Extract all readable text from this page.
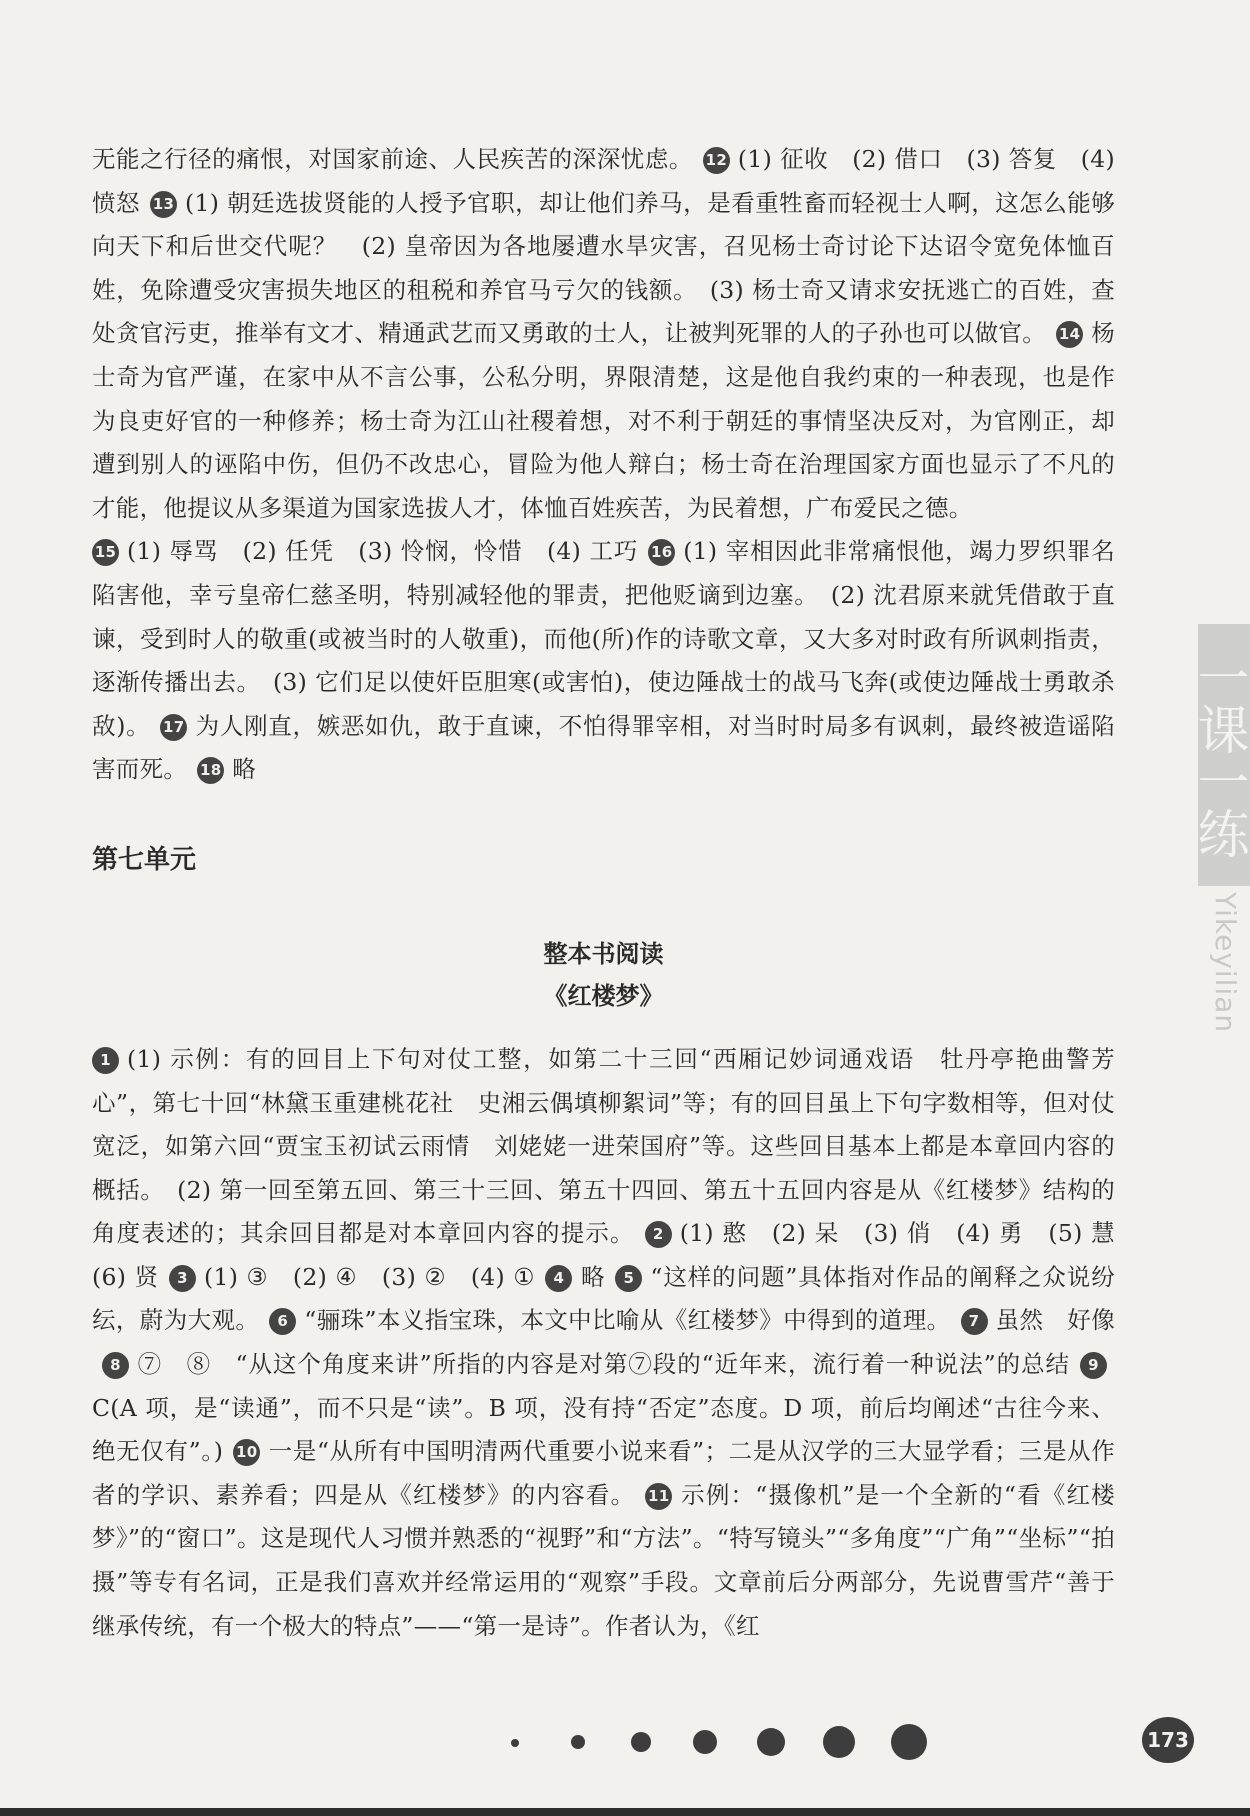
无能之行径的痛恨，对国家前途、人民疾苦的深深忧虑。 12 (1) 征收　(2) 借口　(3) 答复　(4) 愤怒 13 (1) 朝廷选拔贤能的人授予官职，却让他们养马，是看重牲畜而轻视士人啊，这怎么能够向天下和后世交代呢？　(2) 皇帝因为各地屡遭水旱灾害，召见杨士奇讨论下达诏令宽免体恤百姓，免除遭受灾害损失地区的租税和养官马亏欠的钱额。　(3) 杨士奇又请求安抚逃亡的百姓，查处贪官污吏，推举有文才、精通武艺而又勇敢的士人，让被判死罪的人的子孙也可以做官。 14 杨士奇为官严谨，在家中从不言公事，公私分明，界限清楚，这是他自我约束的一种表现，也是作为良吏好官的一种修养；杨士奇为江山社稷着想，对不利于朝廷的事情坚决反对，为官刚正，却遭到别人的诬陷中伤，但仍不改忠心，冒险为他人辩白；杨士奇在治理国家方面也显示了不凡的才能，他提议从多渠道为国家选拔人才，体恤百姓疾苦，为民着想，广布爱民之德。

15 (1) 辱骂　(2) 任凭　(3) 怜悯，怜惜　(4) 工巧 16 (1) 宰相因此非常痛恨他，竭力罗织罪名陷害他，幸亏皇帝仁慈圣明，特别减轻他的罪责，把他贬谪到边塞。　(2) 沈君原来就凭借敢于直谏，受到时人的敬重(或被当时的人敬重)，而他(所)作的诗歌文章，又大多对时政有所讽刺指责，逐渐传播出去。　(3) 它们足以使奸臣胆寒(或害怕)，使边陲战士的战马飞奔(或使边陲战士勇敢杀敌)。 17 为人刚直，嫉恶如仇，敢于直谏，不怕得罪宰相，对当时时局多有讽刺，最终被造谣陷害而死。 18 略

第七单元
整本书阅读
《红楼梦》

1 (1) 示例：有的回目上下句对仗工整，如第二十三回“西厢记妙词通戏语　牡丹亭艳曲警芳心”，第七十回“林黛玉重建桃花社　史湘云偶填柳絮词”等；有的回目虽上下句字数相等，但对仗宽泛，如第六回“贾宝玉初试云雨情　刘姥姥一进荣国府”等。这些回目基本上都是本章回内容的概括。　(2) 第一回至第五回、第三十三回、第五十四回、第五十五回内容是从《红楼梦》结构的角度表述的；其余回目都是对本章回内容的提示。 2 (1) 憨　(2) 呆　(3) 俏　(4) 勇　(5) 慧　(6) 贤 3 (1) ③　(2) ④　(3) ②　(4) ① 4 略 5 “这样的问题”具体指对作品的阐释之众说纷纭，蔚为大观。 6 “骊珠”本义指宝珠，本文中比喻从《红楼梦》中得到的道理。 7 虽然　好像8 ⑦　⑧　“从这个角度来讲”所指的内容是对第⑦段的“近年来，流行着一种说法”的总结 9C(A 项，是“读通”，而不只是“读”。B 项，没有持“否定”态度。D 项，前后均阐述“古往今来、绝无仅有”。) 10 一是“从所有中国明清两代重要小说来看”；二是从汉学的三大显学看；三是从作者的学识、素养看；四是从《红楼梦》的内容看。 11 示例：“摄像机”是一个全新的“看《红楼梦》”的“窗口”。这是现代人习惯并熟悉的“视野”和“方法”。“特写镜头”“多角度”“广角”“坐标”“拍摄”等专有名词，正是我们喜欢并经常运用的“观察”手段。文章前后分两部分，先说曹雪芹“善于继承传统，有一个极大的特点”——“第一是诗”。作者认为，《红

一课一练
Yikeyilian
173
